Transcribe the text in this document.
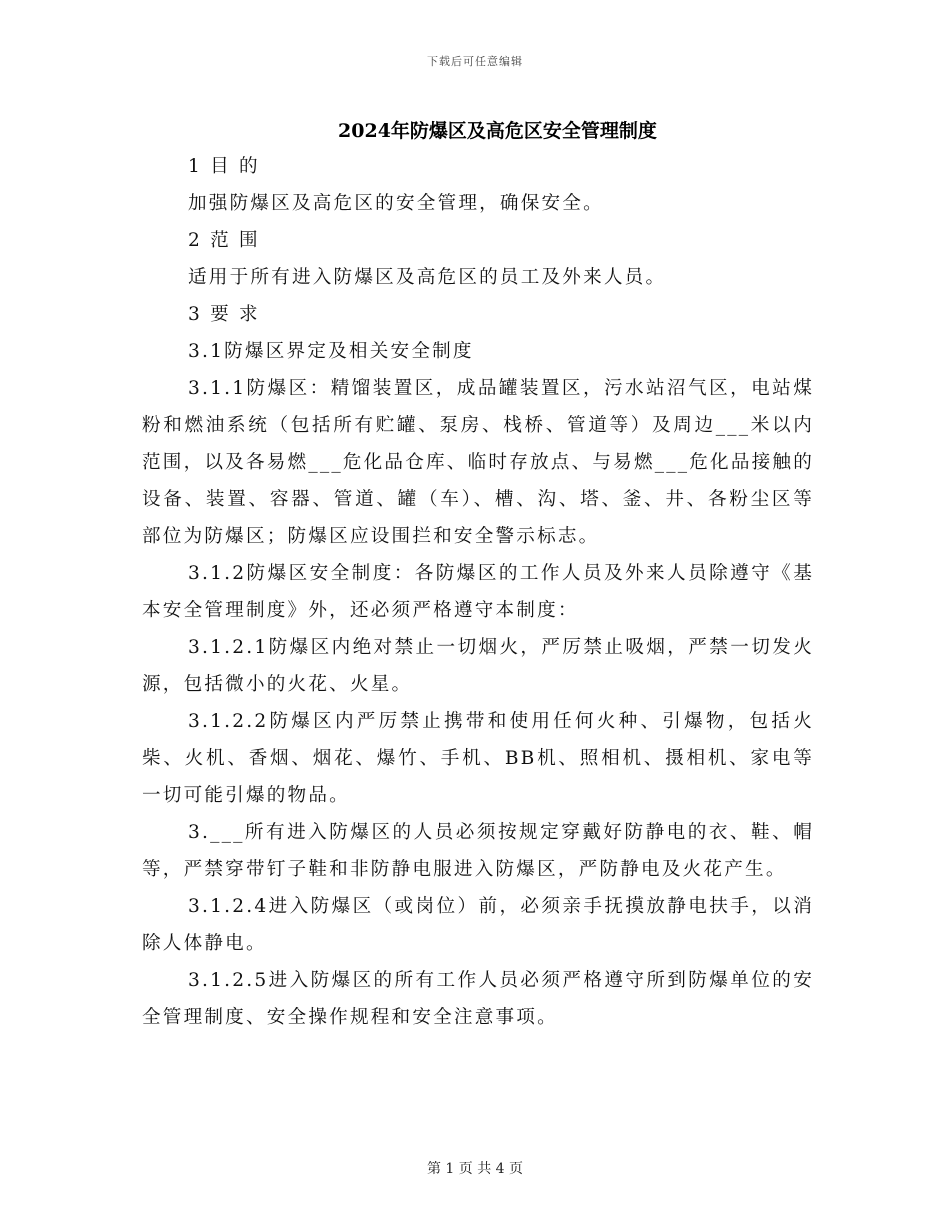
下载后可任意编辑
2024年防爆区及高危区安全管理制度

1 目 的

加强防爆区及高危区的安全管理，确保安全。

2 范 围

适用于所有进入防爆区及高危区的员工及外来人员。

3 要 求

3.1防爆区界定及相关安全制度

3.1.1防爆区：精馏装置区，成品罐装置区，污水站沼气区，电站煤粉和燃油系统（包括所有贮罐、泵房、栈桥、管道等）及周边___米以内范围，以及各易燃___危化品仓库、临时存放点、与易燃___危化品接触的设备、装置、容器、管道、罐（车）、槽、沟、塔、釜、井、各粉尘区等部位为防爆区；防爆区应设围拦和安全警示标志。

3.1.2防爆区安全制度：各防爆区的工作人员及外来人员除遵守《基本安全管理制度》外，还必须严格遵守本制度：

3.1.2.1防爆区内绝对禁止一切烟火，严厉禁止吸烟，严禁一切发火源，包括微小的火花、火星。

3.1.2.2防爆区内严厉禁止携带和使用任何火种、引爆物，包括火柴、火机、香烟、烟花、爆竹、手机、BB机、照相机、摄相机、家电等一切可能引爆的物品。

3.___所有进入防爆区的人员必须按规定穿戴好防静电的衣、鞋、帽等，严禁穿带钉子鞋和非防静电服进入防爆区，严防静电及火花产生。

3.1.2.4进入防爆区（或岗位）前，必须亲手抚摸放静电扶手，以消除人体静电。

3.1.2.5进入防爆区的所有工作人员必须严格遵守所到防爆单位的安全管理制度、安全操作规程和安全注意事项。

第 1 页 共 4 页
